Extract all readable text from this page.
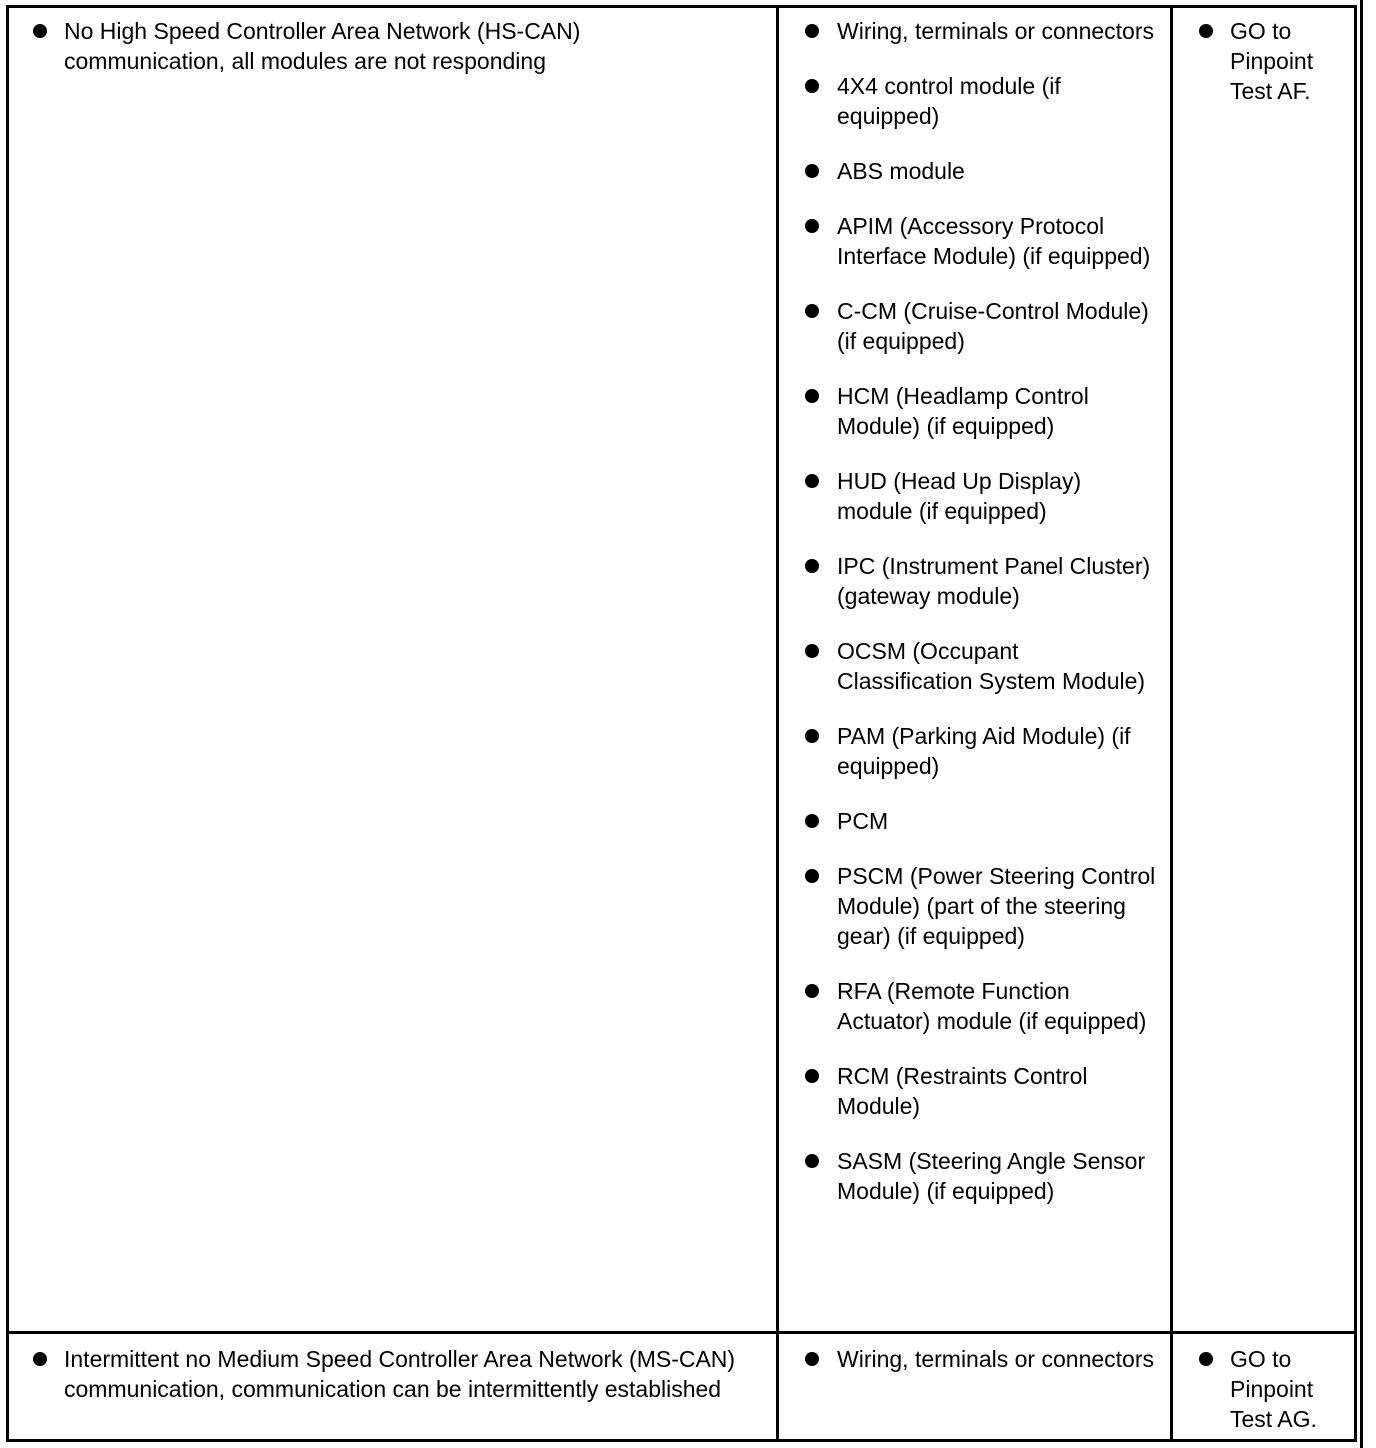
No High Speed Controller Area Network (HS-CAN) communication, all modules are not responding
Wiring, terminals or connectors
4X4 control module (if equipped)
ABS module
APIM (Accessory Protocol Interface Module) (if equipped)
C-CM (Cruise-Control Module) (if equipped)
HCM (Headlamp Control Module) (if equipped)
HUD (Head Up Display) module (if equipped)
IPC (Instrument Panel Cluster) (gateway module)
OCSM (Occupant Classification System Module)
PAM (Parking Aid Module) (if equipped)
PCM
PSCM (Power Steering Control Module) (part of the steering gear) (if equipped)
RFA (Remote Function Actuator) module (if equipped)
RCM (Restraints Control Module)
SASM (Steering Angle Sensor Module) (if equipped)
GO to Pinpoint Test AF.
Intermittent no Medium Speed Controller Area Network (MS-CAN) communication, communication can be intermittently established
Wiring, terminals or connectors	GO to Pinpoint Test AG.
